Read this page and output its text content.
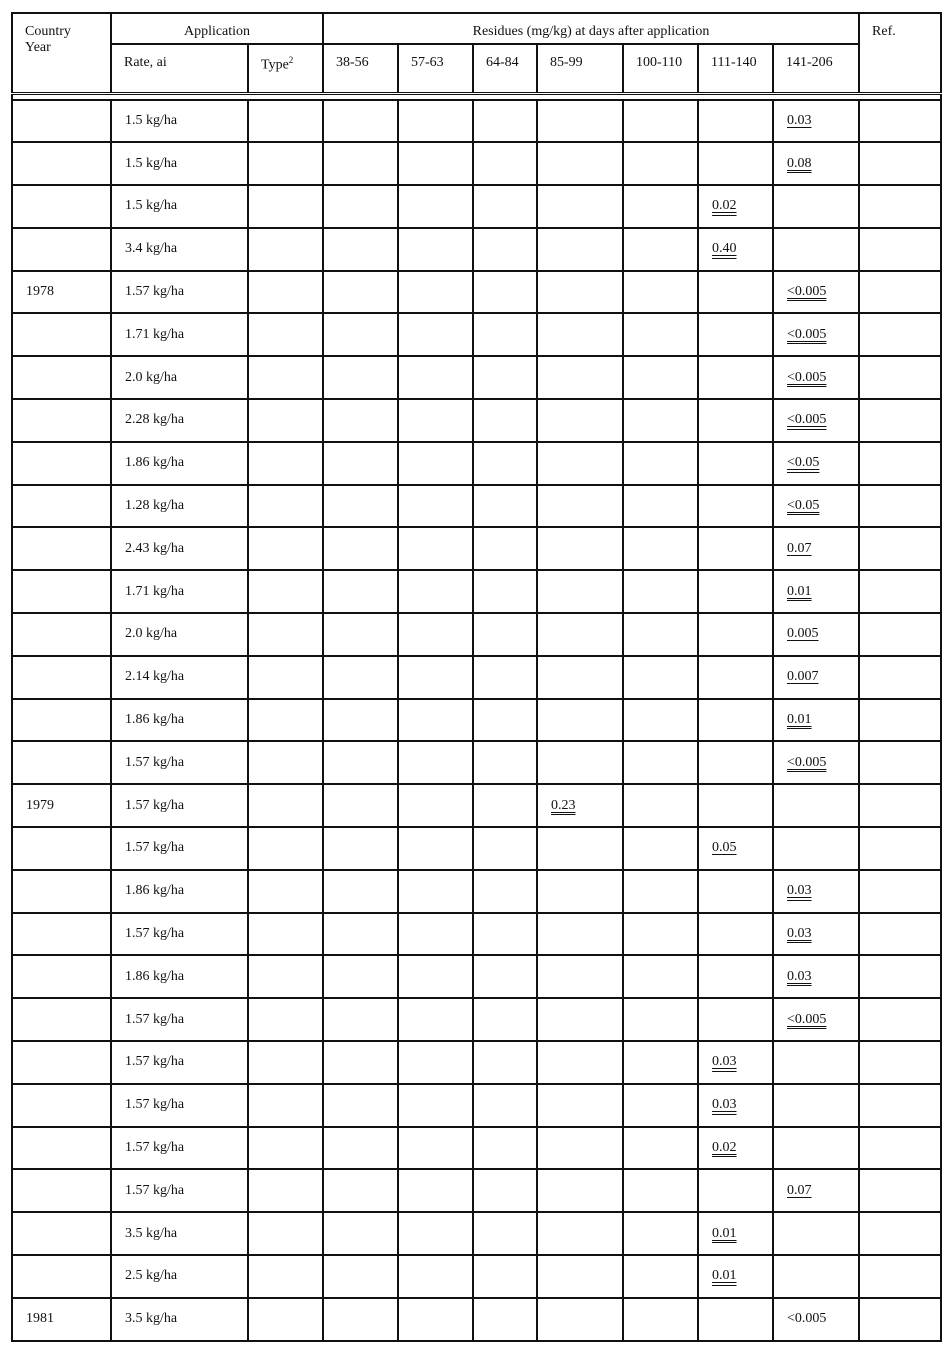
Country
Year	Application		Residues (mg/kg) at days after application							Ref.
	Rate, ai	Type$^2$	38-56	57-63	64-84	85-99	100-110	111-140	141-206	

	1.5 kg/ha								0.03	
	1.5 kg/ha								0.08	
	1.5 kg/ha							0.02		
	3.4 kg/ha							0.40		
1978	1.57 kg/ha								<0.005	
	1.71 kg/ha								<0.005	
	2.0 kg/ha								<0.005	
	2.28 kg/ha								<0.005	
	1.86 kg/ha								<0.05	
	1.28 kg/ha								<0.05	
	2.43 kg/ha								0.07	
	1.71 kg/ha								0.01	
	2.0 kg/ha								0.005	
	2.14 kg/ha								0.007	
	1.86 kg/ha								0.01	
	1.57 kg/ha								<0.005	
1979	1.57 kg/ha					0.23				
	1.57 kg/ha							0.05		
	1.86 kg/ha								0.03	
	1.57 kg/ha								0.03	
	1.86 kg/ha								0.03	
	1.57 kg/ha								<0.005	
	1.57 kg/ha							0.03		
	1.57 kg/ha							0.03		
	1.57 kg/ha							0.02		
	1.57 kg/ha								0.07	
	3.5 kg/ha							0.01		
	2.5 kg/ha							0.01		
1981	3.5 kg/ha								<0.005	
